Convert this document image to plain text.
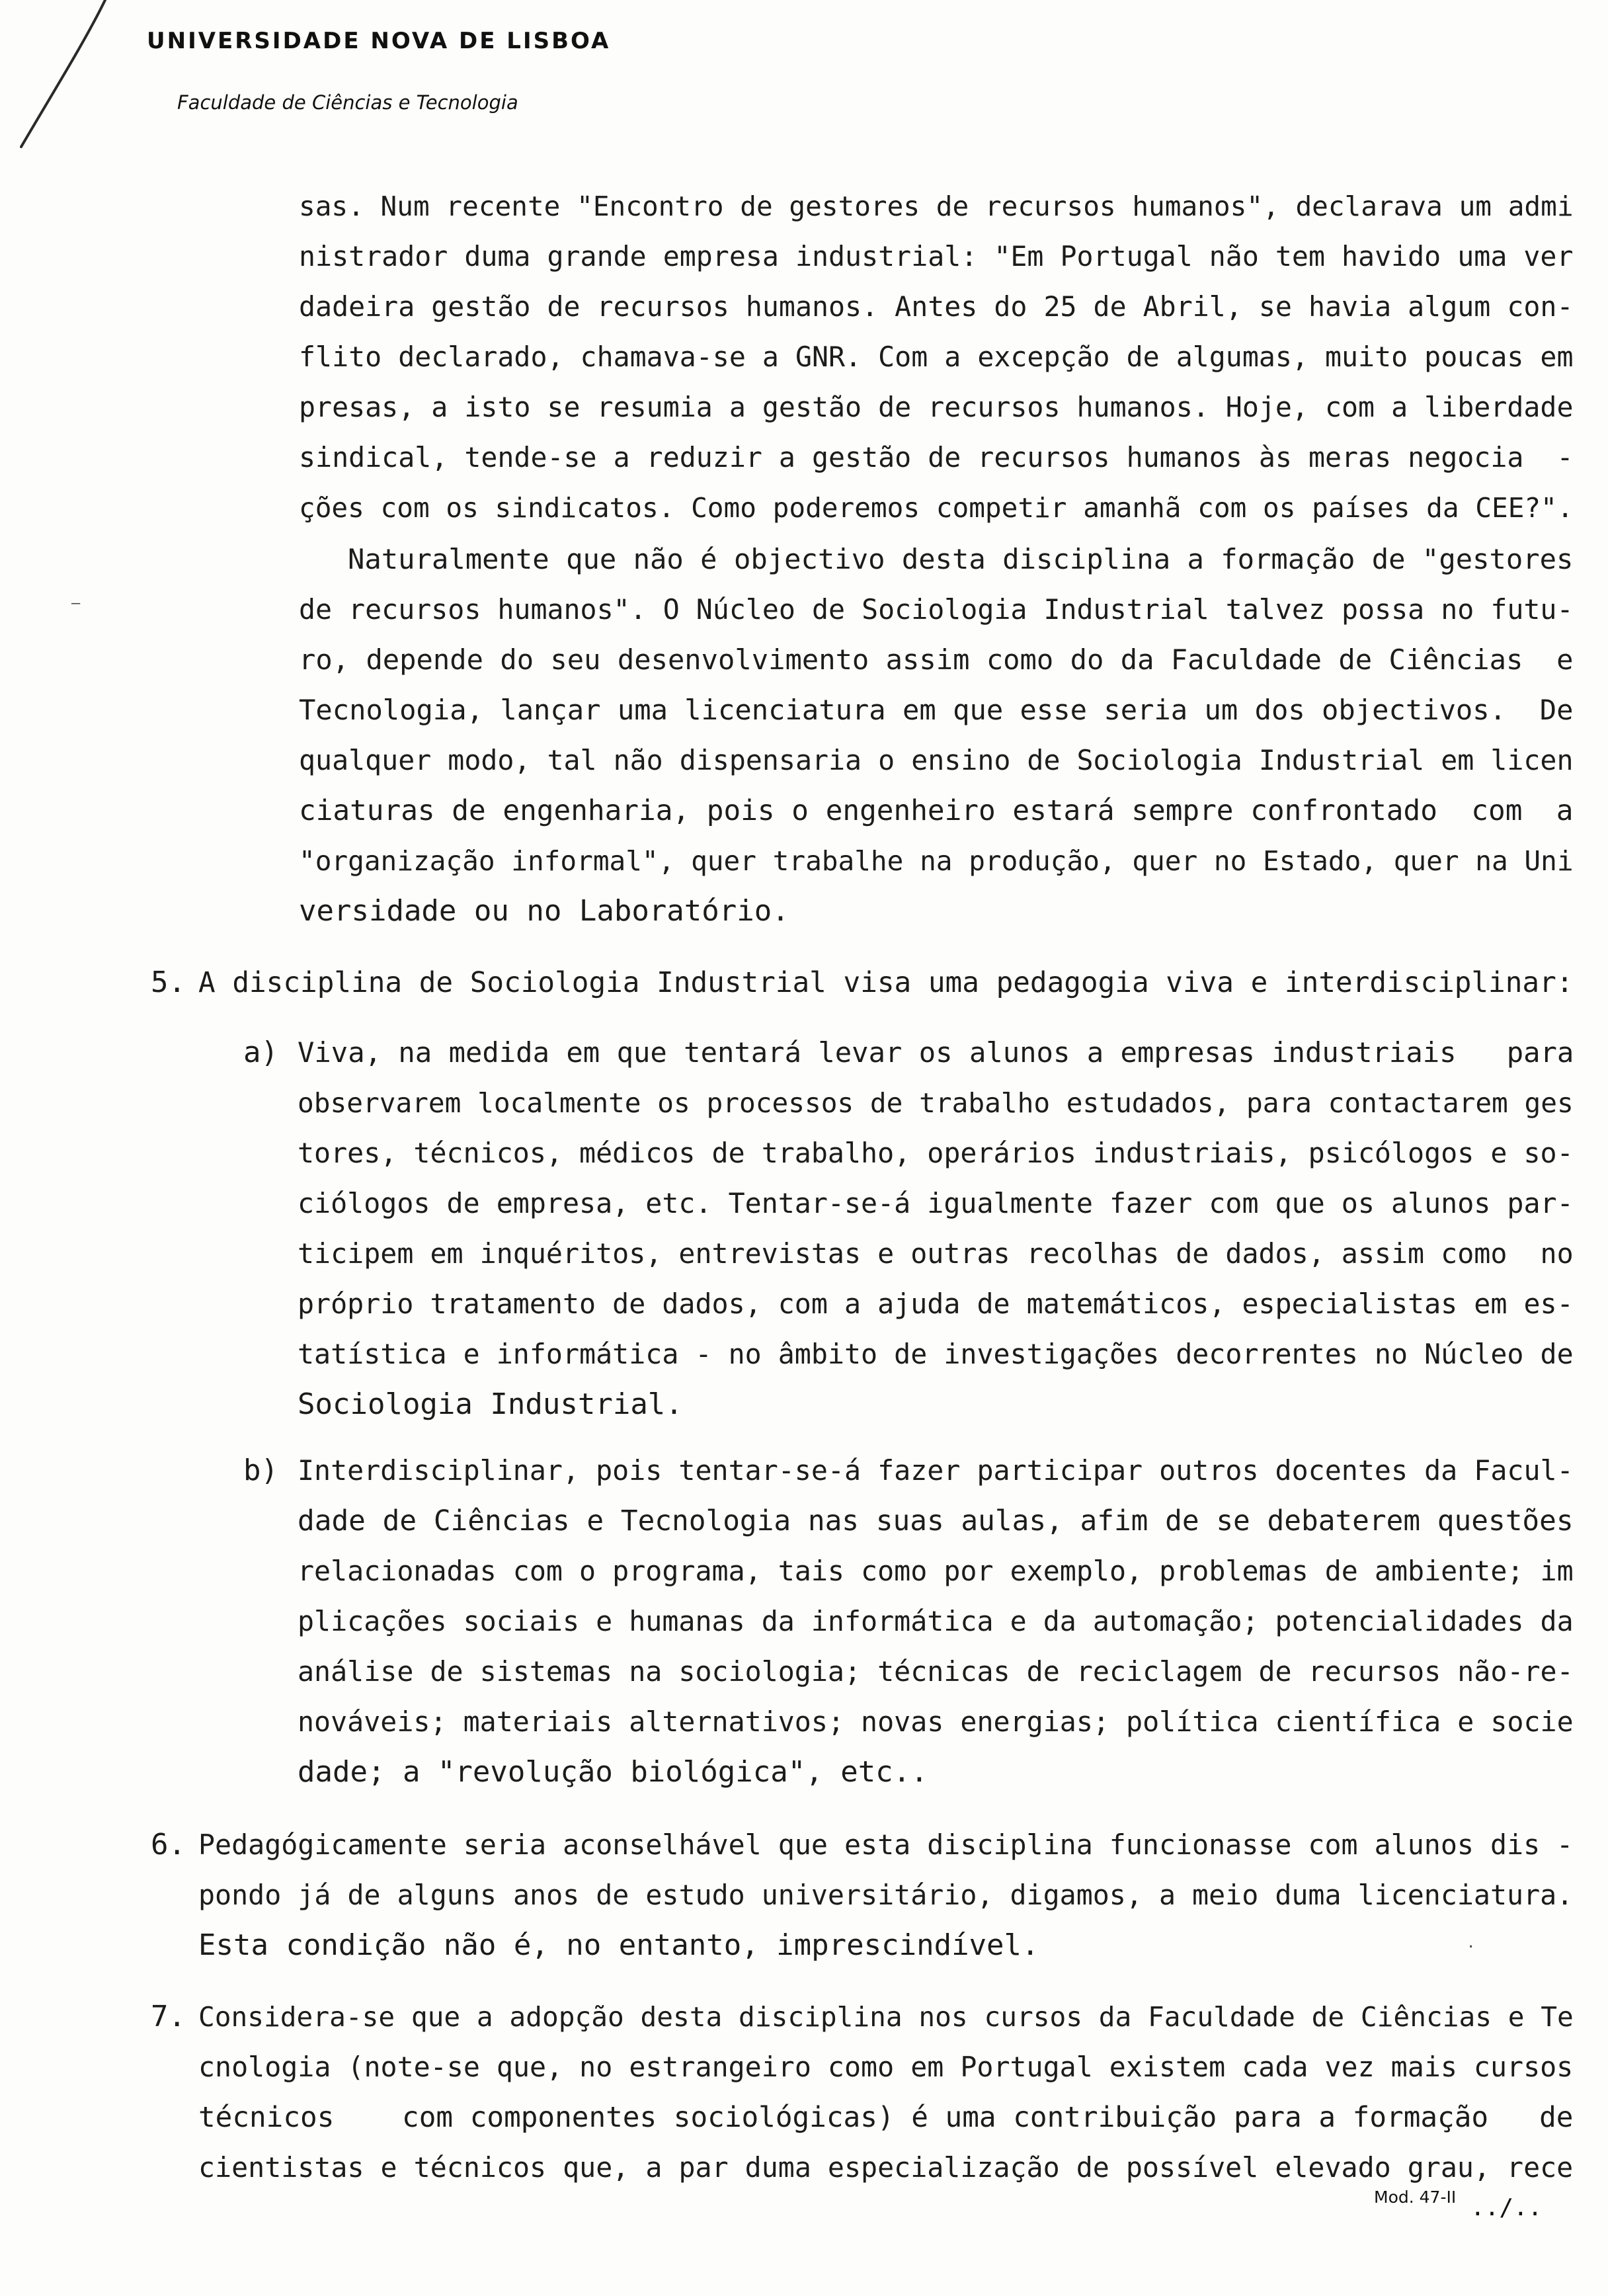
UNIVERSIDADE NOVA DE LISBOA
Faculdade de Ciências e Tecnologia
sas. Num recente "Encontro de gestores de recursos humanos", declarava um admi
nistrador duma grande empresa industrial: "Em Portugal não tem havido uma ver
dadeira gestão de recursos humanos. Antes do 25 de Abril, se havia algum con-
flito declarado, chamava-se a GNR. Com a excepção de algumas, muito poucas em
presas, a isto se resumia a gestão de recursos humanos. Hoje, com a liberdade
sindical, tende-se a reduzir a gestão de recursos humanos às meras negocia  -
ções com os sindicatos. Como poderemos competir amanhã com os países da CEE?".
Naturalmente que não é objectivo desta disciplina a formação de "gestores
de recursos humanos". O Núcleo de Sociologia Industrial talvez possa no futu-
ro, depende do seu desenvolvimento assim como do da Faculdade de Ciências  e
Tecnologia, lançar uma licenciatura em que esse seria um dos objectivos.  De
qualquer modo, tal não dispensaria o ensino de Sociologia Industrial em licen
ciaturas de engenharia, pois o engenheiro estará sempre confrontado  com  a
"organização informal", quer trabalhe na produção, quer no Estado, quer na Uni
versidade ou no Laboratório.
5. A disciplina de Sociologia Industrial visa uma pedagogia viva e interdisciplinar:
a) Viva, na medida em que tentará levar os alunos a empresas industriais   para
observarem localmente os processos de trabalho estudados, para contactarem ges
tores, técnicos, médicos de trabalho, operários industriais, psicólogos e so-
ciólogos de empresa, etc. Tentar-se-á igualmente fazer com que os alunos par-
ticipem em inquéritos, entrevistas e outras recolhas de dados, assim como  no
próprio tratamento de dados, com a ajuda de matemáticos, especialistas em es-
tatística e informática - no âmbito de investigações decorrentes no Núcleo de
Sociologia Industrial.
b) Interdisciplinar, pois tentar-se-á fazer participar outros docentes da Facul-
dade de Ciências e Tecnologia nas suas aulas, afim de se debaterem questões
relacionadas com o programa, tais como por exemplo, problemas de ambiente; im
plicações sociais e humanas da informática e da automação; potencialidades da
análise de sistemas na sociologia; técnicas de reciclagem de recursos não-re-
nováveis; materiais alternativos; novas energias; política científica e socie
dade; a "revolução biológica", etc..
6. Pedagógicamente seria aconselhável que esta disciplina funcionasse com alunos dis -
pondo já de alguns anos de estudo universitário, digamos, a meio duma licenciatura.
Esta condição não é, no entanto, imprescindível.
7. Considera-se que a adopção desta disciplina nos cursos da Faculdade de Ciências e Te
cnologia (note-se que, no estrangeiro como em Portugal existem cada vez mais cursos
técnicos    com componentes sociológicas) é uma contribuição para a formação   de
cientistas e técnicos que, a par duma especialização de possível elevado grau, rece
Mod. 47-II ../..
–
·
